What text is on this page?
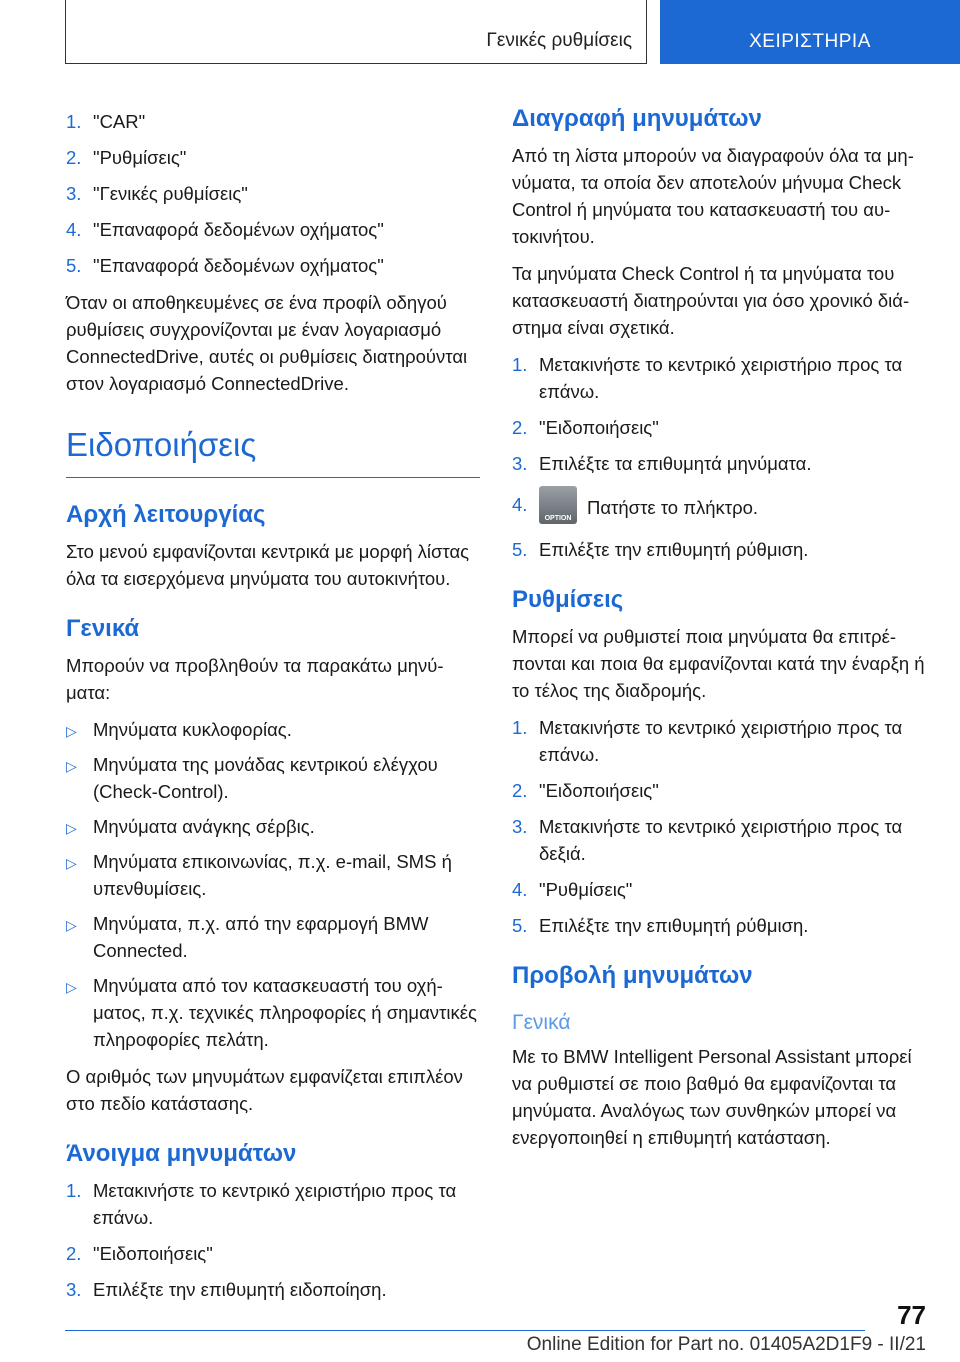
Γενικές ρυθμίσεις	ΧΕΙΡΙΣΤΗΡΙΑ
1. "CAR"
2. "Ρυθμίσεις"
3. "Γενικές ρυθμίσεις"
4. "Επαναφορά δεδομένων οχήματος"
5. "Επαναφορά δεδομένων οχήματος"

Όταν οι αποθηκευμένες σε ένα προφίλ οδηγού ρυθμίσεις συγχρονίζονται με έναν λογαριασμό ConnectedDrive, αυτές οι ρυθμίσεις διατηρούνται στον λογαριασμό ConnectedDrive.

Ειδοποιήσεις
Αρχή λειτουργίας

Στο μενού εμφανίζονται κεντρικά με μορφή λίστας όλα τα εισερχόμενα μηνύματα του αυτοκινήτου.

Γενικά

Μπορούν να προβληθούν τα παρακάτω μηνύματα:

▷ Μηνύματα κυκλοφορίας.
▷ Μηνύματα της μονάδας κεντρικού ελέγχου (Check-Control).
▷ Μηνύματα ανάγκης σέρβις.
▷ Μηνύματα επικοινωνίας, π.χ. e-mail, SMS ή υπενθυμίσεις.
▷ Μηνύματα, π.χ. από την εφαρμογή BMW Connected.
▷ Μηνύματα από τον κατασκευαστή του οχήματος, π.χ. τεχνικές πληροφορίες ή σημαντικές πληροφορίες πελάτη.

Ο αριθμός των μηνυμάτων εμφανίζεται επιπλέον στο πεδίο κατάστασης.

Άνοιγμα μηνυμάτων
1. Μετακινήστε το κεντρικό χειριστήριο προς τα επάνω.
2. "Ειδοποιήσεις"
3. Επιλέξτε την επιθυμητή ειδοποίηση.
Διαγραφή μηνυμάτων

Από τη λίστα μπορούν να διαγραφούν όλα τα μηνύματα, τα οποία δεν αποτελούν μήνυμα Check Control ή μηνύματα του κατασκευαστή του αυτοκινήτου.

Τα μηνύματα Check Control ή τα μηνύματα του κατασκευαστή διατηρούνται για όσο χρονικό διάστημα είναι σχετικά.

1. Μετακινήστε το κεντρικό χειριστήριο προς τα επάνω.
2. "Ειδοποιήσεις"
3. Επιλέξτε τα επιθυμητά μηνύματα.
4.
OPTION
Πατήστε το πλήκτρο.
5. Επιλέξτε την επιθυμητή ρύθμιση.
Ρυθμίσεις

Μπορεί να ρυθμιστεί ποια μηνύματα θα επιτρέπονται και ποια θα εμφανίζονται κατά την έναρξη ή το τέλος της διαδρομής.

1. Μετακινήστε το κεντρικό χειριστήριο προς τα επάνω.
2. "Ειδοποιήσεις"
3. Μετακινήστε το κεντρικό χειριστήριο προς τα δεξιά.
4. "Ρυθμίσεις"
5. Επιλέξτε την επιθυμητή ρύθμιση.
Προβολή μηνυμάτων
Γενικά

Με το BMW Intelligent Personal Assistant μπορεί να ρυθμιστεί σε ποιο βαθμό θα εμφανίζονται τα μηνύματα. Αναλόγως των συνθηκών μπορεί να ενεργοποιηθεί η επιθυμητή κατάσταση.

77
Online Edition for Part no. 01405A2D1F9 - II/21
